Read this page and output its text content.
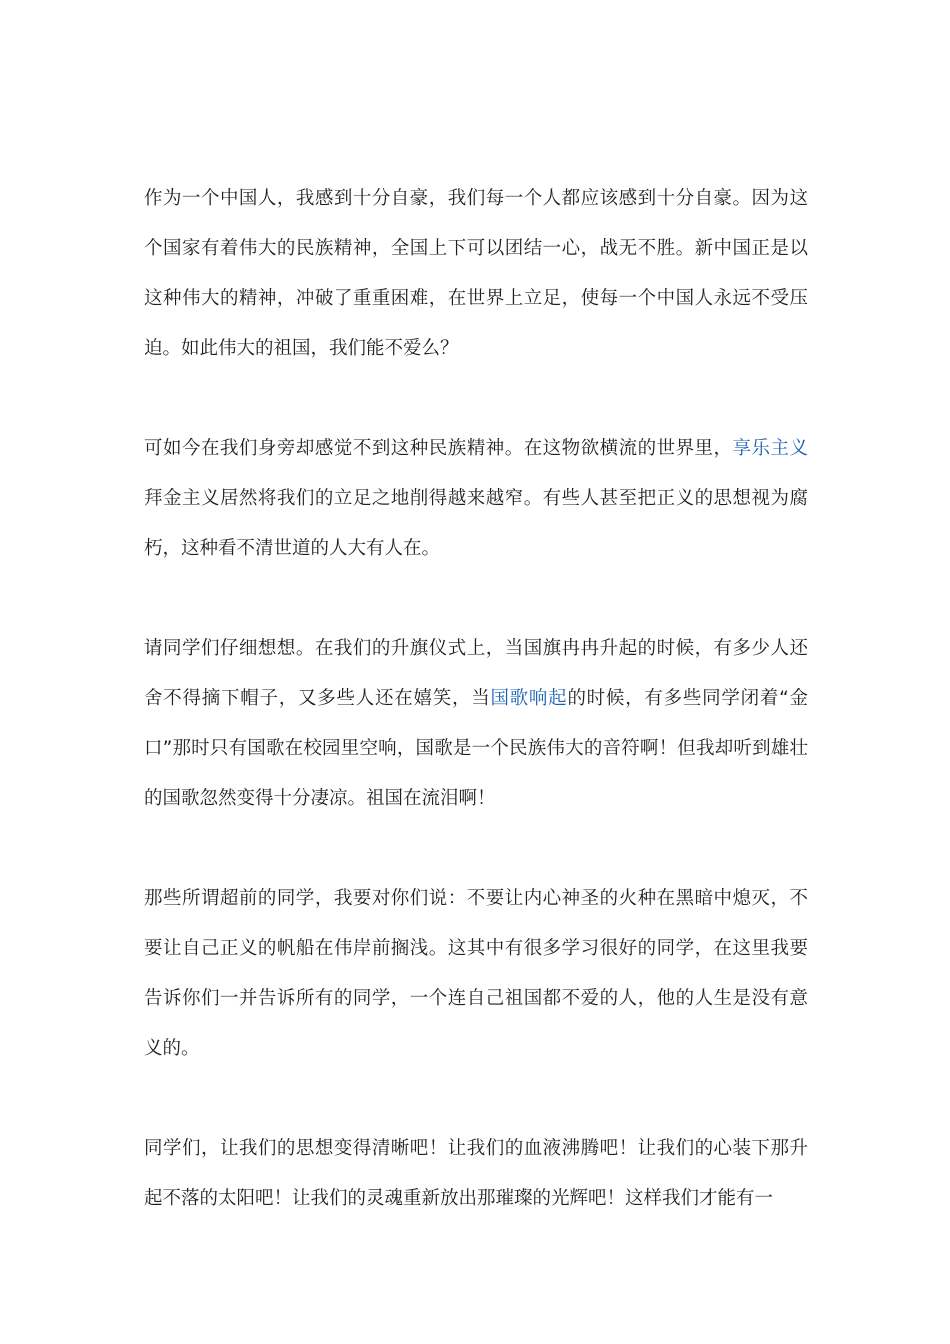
作为一个中国人，我感到十分自豪，我们每一个人都应该感到十分自豪。因为这个国家有着伟大的民族精神，全国上下可以团结一心，战无不胜。新中国正是以这种伟大的精神，冲破了重重困难，在世界上立足，使每一个中国人永远不受压迫。如此伟大的祖国，我们能不爱么？

可如今在我们身旁却感觉不到这种民族精神。在这物欲横流的世界里，享乐主义拜金主义居然将我们的立足之地削得越来越窄。有些人甚至把正义的思想视为腐朽，这种看不清世道的人大有人在。

请同学们仔细想想。在我们的升旗仪式上，当国旗冉冉升起的时候，有多少人还舍不得摘下帽子，又多些人还在嬉笑，当国歌响起的时候，有多些同学闭着“金口”那时只有国歌在校园里空响，国歌是一个民族伟大的音符啊！但我却听到雄壮的国歌忽然变得十分凄凉。祖国在流泪啊！

那些所谓超前的同学，我要对你们说：不要让内心神圣的火种在黑暗中熄灭，不要让自己正义的帆船在伟岸前搁浅。这其中有很多学习很好的同学，在这里我要告诉你们一并告诉所有的同学，一个连自己祖国都不爱的人，他的人生是没有意义的。

同学们，让我们的思想变得清晰吧！让我们的血液沸腾吧！让我们的心装下那升起不落的太阳吧！让我们的灵魂重新放出那璀璨的光辉吧！这样我们才能有一
